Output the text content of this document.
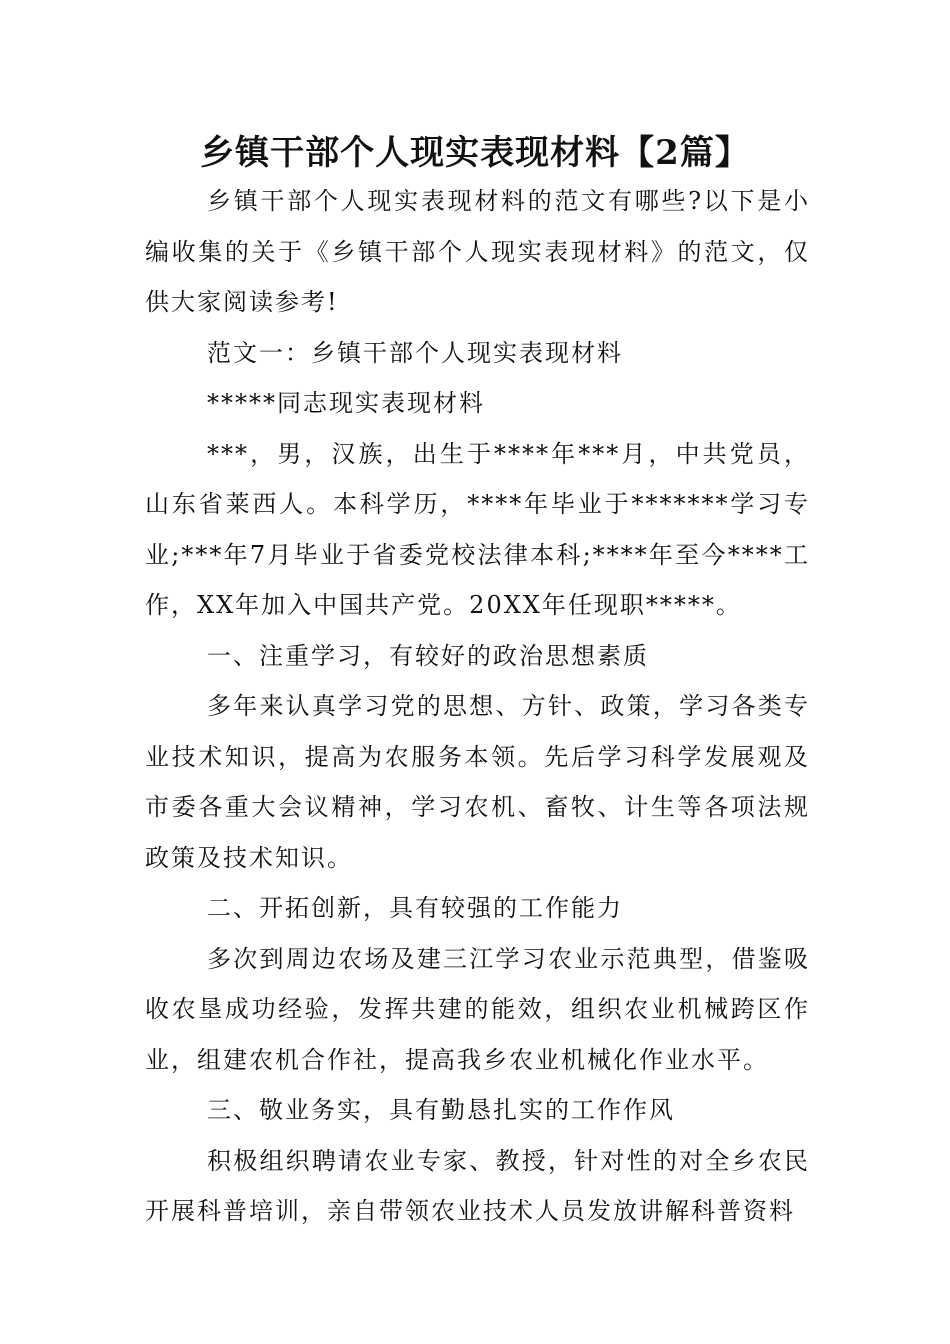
乡镇干部个人现实表现材料【2篇】

乡镇干部个人现实表现材料的范文有哪些?以下是小编收集的关于《乡镇干部个人现实表现材料》的范文，仅供大家阅读参考!

范文一：乡镇干部个人现实表现材料

*****同志现实表现材料

***，男，汉族，出生于****年***月，中共党员，山东省莱西人。本科学历，****年毕业于*******学习专业;***年7月毕业于省委党校法律本科;****年至今****工作，XX年加入中国共产党。20XX年任现职*****。

一、注重学习，有较好的政治思想素质

多年来认真学习党的思想、方针、政策，学习各类专业技术知识，提高为农服务本领。先后学习科学发展观及市委各重大会议精神，学习农机、畜牧、计生等各项法规政策及技术知识。

二、开拓创新，具有较强的工作能力

多次到周边农场及建三江学习农业示范典型，借鉴吸收农垦成功经验，发挥共建的能效，组织农业机械跨区作业，组建农机合作社，提高我乡农业机械化作业水平。

三、敬业务实，具有勤恳扎实的工作作风

积极组织聘请农业专家、教授，针对性的对全乡农民开展科普培训，亲自带领农业技术人员发放讲解科普资料
